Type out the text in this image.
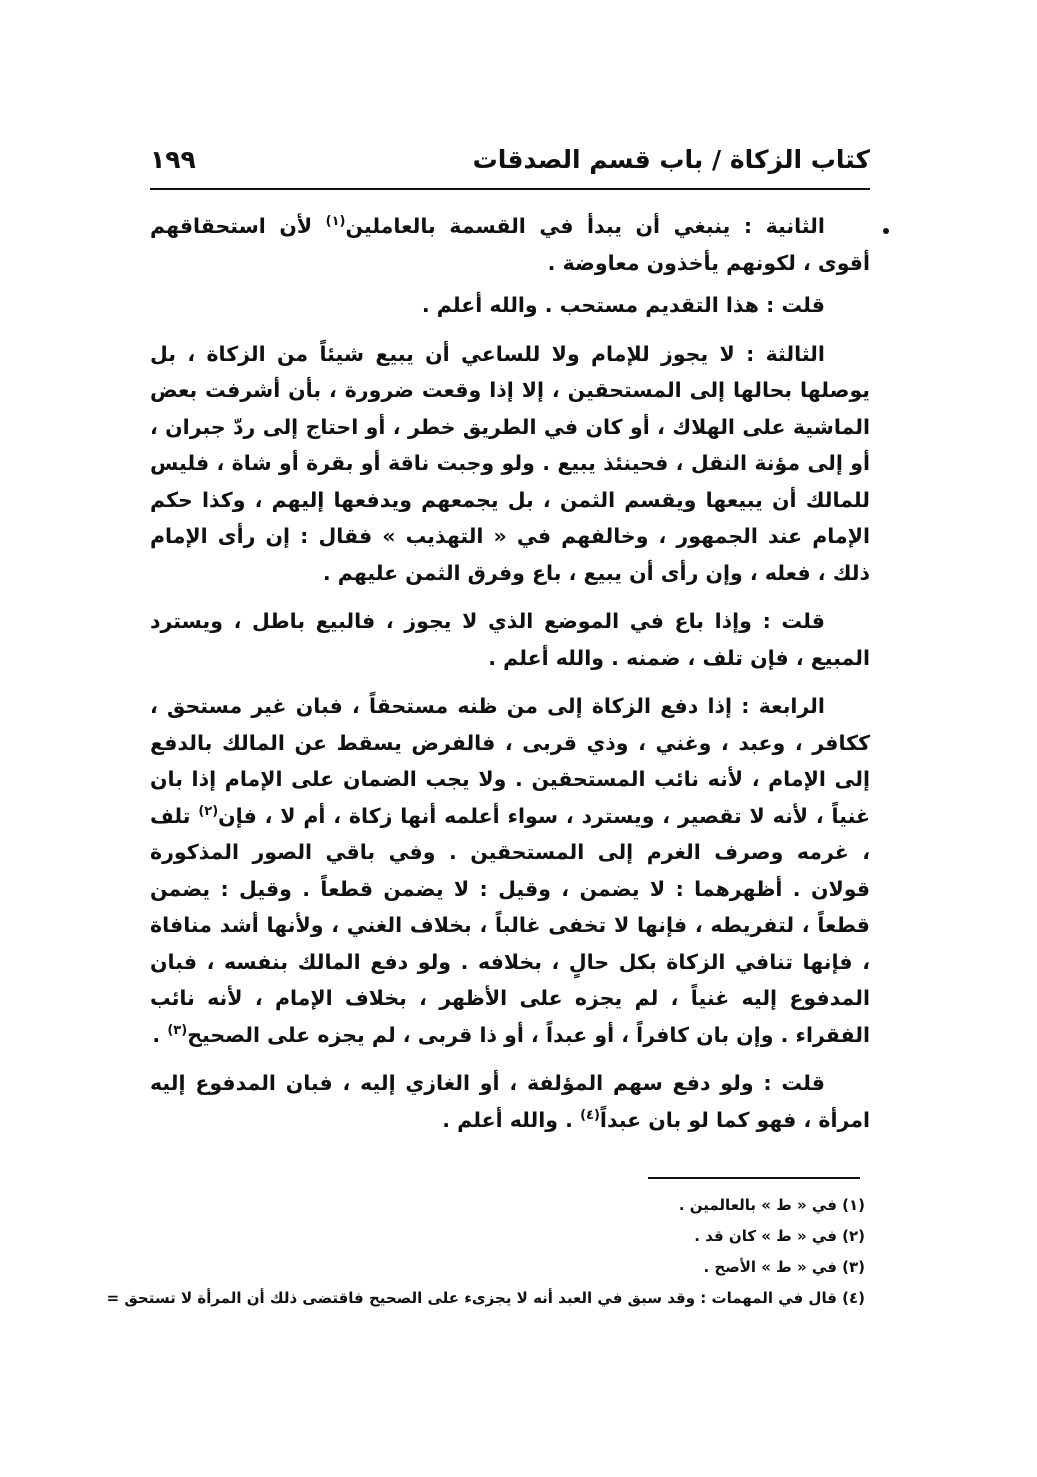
كتاب الزكاة / باب قسم الصدقات
١٩٩

الثانية : ينبغي أن يبدأ في القسمة بالعاملين$^{(١)}$ لأن استحقاقهم أقوى ، لكونهم يأخذون معاوضة .

قلت : هذا التقديم مستحب . والله أعلم .

الثالثة : لا يجوز للإمام ولا للساعي أن يبيع شيئاً من الزكاة ، بل يوصلها بحالها إلى المستحقين ، إلا إذا وقعت ضرورة ، بأن أشرفت بعض الماشية على الهلاك ، أو كان في الطريق خطر ، أو احتاج إلى ردّ جبران ، أو إلى مؤنة النقل ، فحينئذ يبيع . ولو وجبت ناقة أو بقرة أو شاة ، فليس للمالك أن يبيعها ويقسم الثمن ، بل يجمعهم ويدفعها إليهم ، وكذا حكم الإمام عند الجمهور ، وخالفهم في « التهذيب » فقال : إن رأى الإمام ذلك ، فعله ، وإن رأى أن يبيع ، باع وفرق الثمن عليهم .

قلت : وإذا باع في الموضع الذي لا يجوز ، فالبيع باطل ، ويسترد المبيع ، فإن تلف ، ضمنه . والله أعلم .

الرابعة : إذا دفع الزكاة إلى من ظنه مستحقاً ، فبان غير مستحق ، ككافر ، وعبد ، وغني ، وذي قربى ، فالفرض يسقط عن المالك بالدفع إلى الإمام ، لأنه نائب المستحقين . ولا يجب الضمان على الإمام إذا بان غنياً ، لأنه لا تقصير ، ويسترد ، سواء أعلمه أنها زكاة ، أم لا ، فإن$^{(٢)}$ تلف ، غرمه وصرف الغرم إلى المستحقين . وفي باقي الصور المذكورة قولان . أظهرهما : لا يضمن ، وقيل : لا يضمن قطعاً . وقيل : يضمن قطعاً ، لتفريطه ، فإنها لا تخفى غالباً ، بخلاف الغني ، ولأنها أشد منافاة ، فإنها تنافي الزكاة بكل حالٍ ، بخلافه . ولو دفع المالك بنفسه ، فبان المدفوع إليه غنياً ، لم يجزه على الأظهر ، بخلاف الإمام ، لأنه نائب الفقراء . وإن بان كافراً ، أو عبداً ، أو ذا قربى ، لم يجزه على الصحيح$^{(٣)}$ .

قلت : ولو دفع سهم المؤلفة ، أو الغازي إليه ، فبان المدفوع إليه امرأة ، فهو كما لو بان عبداً$^{(٤)}$ . والله أعلم .

(١) في « ط » بالعالمين .
(٢) في « ط » كان قد .
(٣) في « ط » الأصح .
(٤) قال في المهمات : وقد سبق في العبد أنه لا يجزىء على الصحيح فاقتضى ذلك أن المرأة لا تستحق =
